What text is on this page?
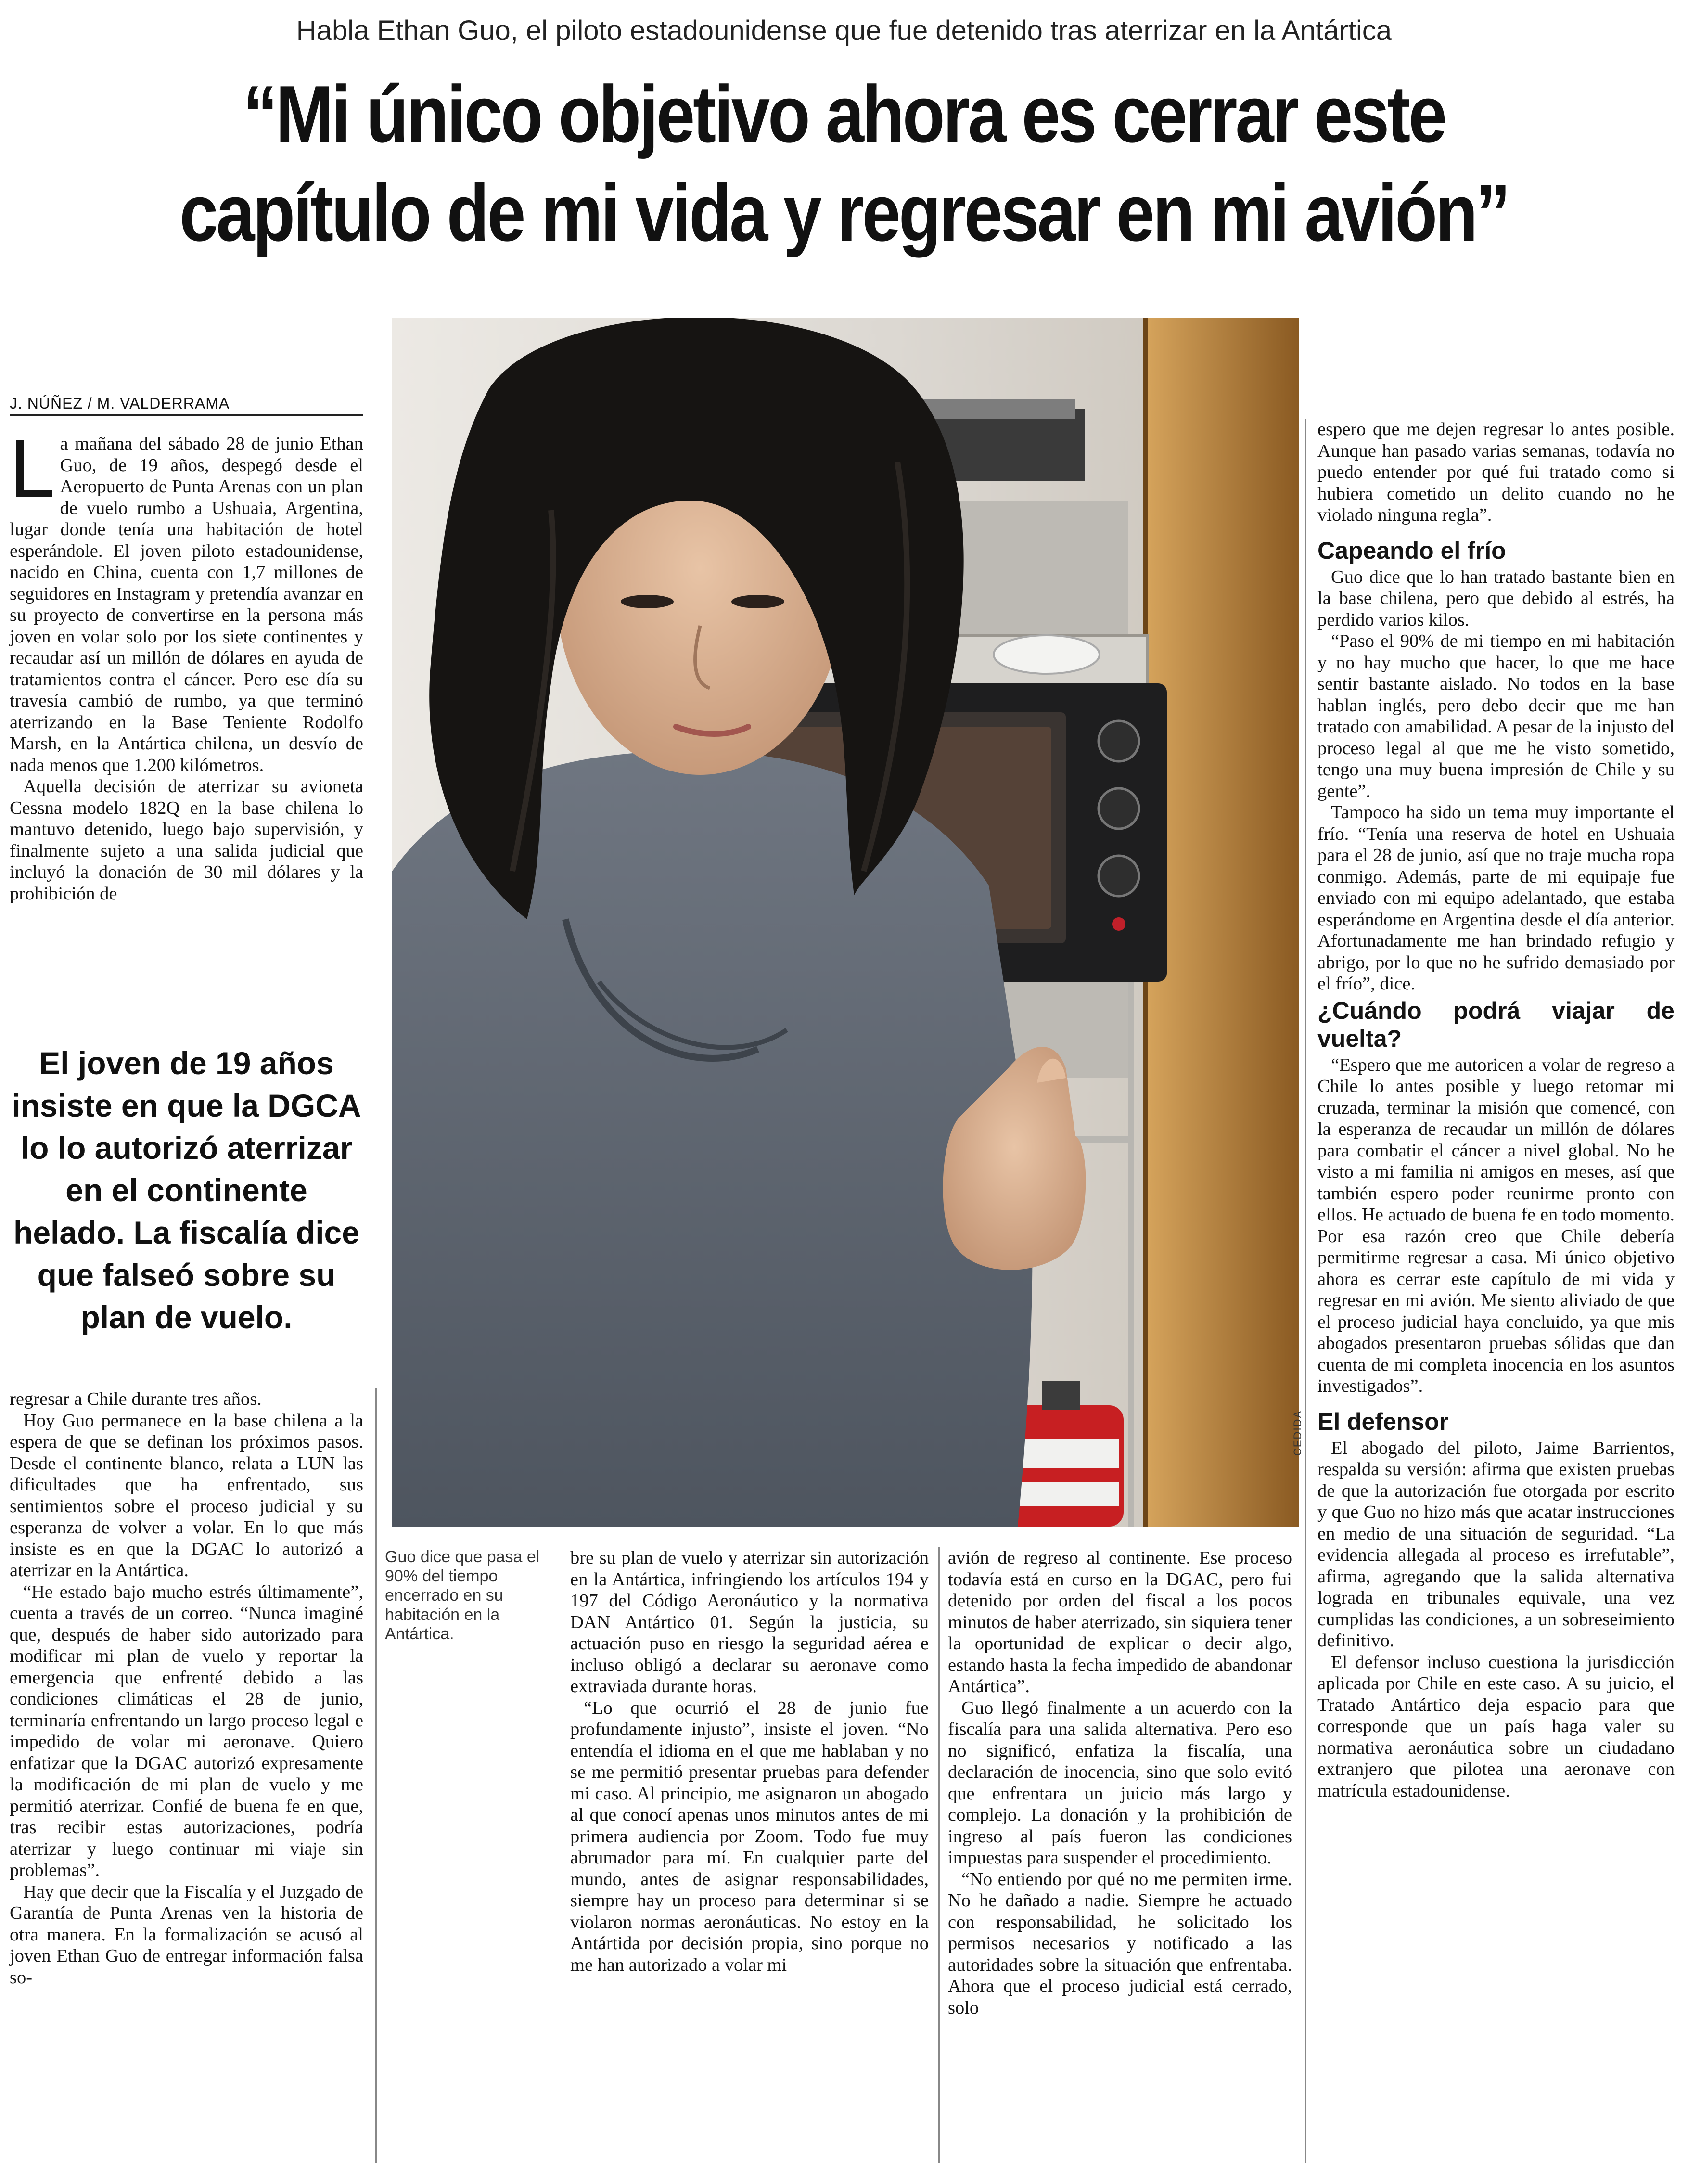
Habla Ethan Guo, el piloto estadounidense que fue detenido tras aterrizar en la Antártica
“Mi único objetivo ahora es cerrar este capítulo de mi vida y regresar en mi avión”
J. NÚÑEZ / M. VALDERRAMA

La mañana del sábado 28 de junio Ethan Guo, de 19 años, despegó desde el Aeropuerto de Punta Arenas con un plan de vuelo rumbo a Ushuaia, Argentina, lugar donde tenía una habitación de hotel esperándole. El joven piloto estadounidense, nacido en China, cuenta con 1,7 millones de seguidores en Instagram y pretendía avanzar en su proyecto de convertirse en la persona más joven en volar solo por los siete continentes y recaudar así un millón de dólares en ayuda de tratamientos contra el cáncer. Pero ese día su travesía cambió de rumbo, ya que terminó aterrizando en la Base Teniente Rodolfo Marsh, en la Antártica chilena, un desvío de nada menos que 1.200 kilómetros.

Aquella decisión de aterrizar su avioneta Cessna modelo 182Q en la base chilena lo mantuvo detenido, luego bajo supervisión, y finalmente sujeto a una salida judicial que incluyó la donación de 30 mil dólares y la prohibición de

El joven de 19 años insiste en que la DGCA lo lo autorizó aterrizar en el continente helado. La fiscalía dice que falseó sobre su plan de vuelo.

regresar a Chile durante tres años.

Hoy Guo permanece en la base chilena a la espera de que se definan los próximos pasos. Desde el continente blanco, relata a LUN las dificultades que ha enfrentado, sus sentimientos sobre el proceso judicial y su esperanza de volver a volar. En lo que más insiste es en que la DGAC lo autorizó a aterrizar en la Antártica.

“He estado bajo mucho estrés últimamente”, cuenta a través de un correo. “Nunca imaginé que, después de haber sido autorizado para modificar mi plan de vuelo y reportar la emergencia que enfrenté debido a las condiciones climáticas el 28 de junio, terminaría enfrentando un largo proceso legal e impedido de volar mi aeronave. Quiero enfatizar que la DGAC autorizó expresamente la modificación de mi plan de vuelo y me permitió aterrizar. Confié de buena fe en que, tras recibir estas autorizaciones, podría aterrizar y luego continuar mi viaje sin problemas”.

Hay que decir que la Fiscalía y el Juzgado de Garantía de Punta Arenas ven la historia de otra manera. En la formalización se acusó al joven Ethan Guo de entregar información falsa so-

CEDIDA
Guo dice que pasa el 90% del tiempo encerrado en su habitación en la Antártica.

bre su plan de vuelo y aterrizar sin autorización en la Antártica, infringiendo los artículos 194 y 197 del Código Aeronáutico y la normativa DAN Antártico 01. Según la justicia, su actuación puso en riesgo la seguridad aérea e incluso obligó a declarar su aeronave como extraviada durante horas.

“Lo que ocurrió el 28 de junio fue profundamente injusto”, insiste el joven. “No entendía el idioma en el que me hablaban y no se me permitió presentar pruebas para defender mi caso. Al principio, me asignaron un abogado al que conocí apenas unos minutos antes de mi primera audiencia por Zoom. Todo fue muy abrumador para mí. En cualquier parte del mundo, antes de asignar responsabilidades, siempre hay un proceso para determinar si se violaron normas aeronáuticas. No estoy en la Antártida por decisión propia, sino porque no me han autorizado a volar mi

avión de regreso al continente. Ese proceso todavía está en curso en la DGAC, pero fui detenido por orden del fiscal a los pocos minutos de haber aterrizado, sin siquiera tener la oportunidad de explicar o decir algo, estando hasta la fecha impedido de abandonar Antártica”.

Guo llegó finalmente a un acuerdo con la fiscalía para una salida alternativa. Pero eso no significó, enfatiza la fiscalía, una declaración de inocencia, sino que solo evitó que enfrentara un juicio más largo y complejo. La donación y la prohibición de ingreso al país fueron las condiciones impuestas para suspender el procedimiento.

“No entiendo por qué no me permiten irme. No he dañado a nadie. Siempre he actuado con responsabilidad, he solicitado los permisos necesarios y notificado a las autoridades sobre la situación que enfrentaba. Ahora que el proceso judicial está cerrado, solo

espero que me dejen regresar lo antes posible. Aunque han pasado varias semanas, todavía no puedo entender por qué fui tratado como si hubiera cometido un delito cuando no he violado ninguna regla”.

Capeando el frío

Guo dice que lo han tratado bastante bien en la base chilena, pero que debido al estrés, ha perdido varios kilos.

“Paso el 90% de mi tiempo en mi habitación y no hay mucho que hacer, lo que me hace sentir bastante aislado. No todos en la base hablan inglés, pero debo decir que me han tratado con amabilidad. A pesar de la injusto del proceso legal al que me he visto sometido, tengo una muy buena impresión de Chile y su gente”.

Tampoco ha sido un tema muy importante el frío. “Tenía una reserva de hotel en Ushuaia para el 28 de junio, así que no traje mucha ropa conmigo. Además, parte de mi equipaje fue enviado con mi equipo adelantado, que estaba esperándome en Argentina desde el día anterior. Afortunadamente me han brindado refugio y abrigo, por lo que no he sufrido demasiado por el frío”, dice.

¿Cuándo podrá viajar de vuelta?

“Espero que me autoricen a volar de regreso a Chile lo antes posible y luego retomar mi cruzada, terminar la misión que comencé, con la esperanza de recaudar un millón de dólares para combatir el cáncer a nivel global. No he visto a mi familia ni amigos en meses, así que también espero poder reunirme pronto con ellos. He actuado de buena fe en todo momento. Por esa razón creo que Chile debería permitirme regresar a casa. Mi único objetivo ahora es cerrar este capítulo de mi vida y regresar en mi avión. Me siento aliviado de que el proceso judicial haya concluido, ya que mis abogados presentaron pruebas sólidas que dan cuenta de mi completa inocencia en los asuntos investigados”.

El defensor

El abogado del piloto, Jaime Barrientos, respalda su versión: afirma que existen pruebas de que la autorización fue otorgada por escrito y que Guo no hizo más que acatar instrucciones en medio de una situación de seguridad. “La evidencia allegada al proceso es irrefutable”, afirma, agregando que la salida alternativa lograda en tribunales equivale, una vez cumplidas las condiciones, a un sobreseimiento definitivo.

El defensor incluso cuestiona la jurisdicción aplicada por Chile en este caso. A su juicio, el Tratado Antártico deja espacio para que corresponde que un país haga valer su normativa aeronáutica sobre un ciudadano extranjero que pilotea una aeronave con matrícula estadounidense.
